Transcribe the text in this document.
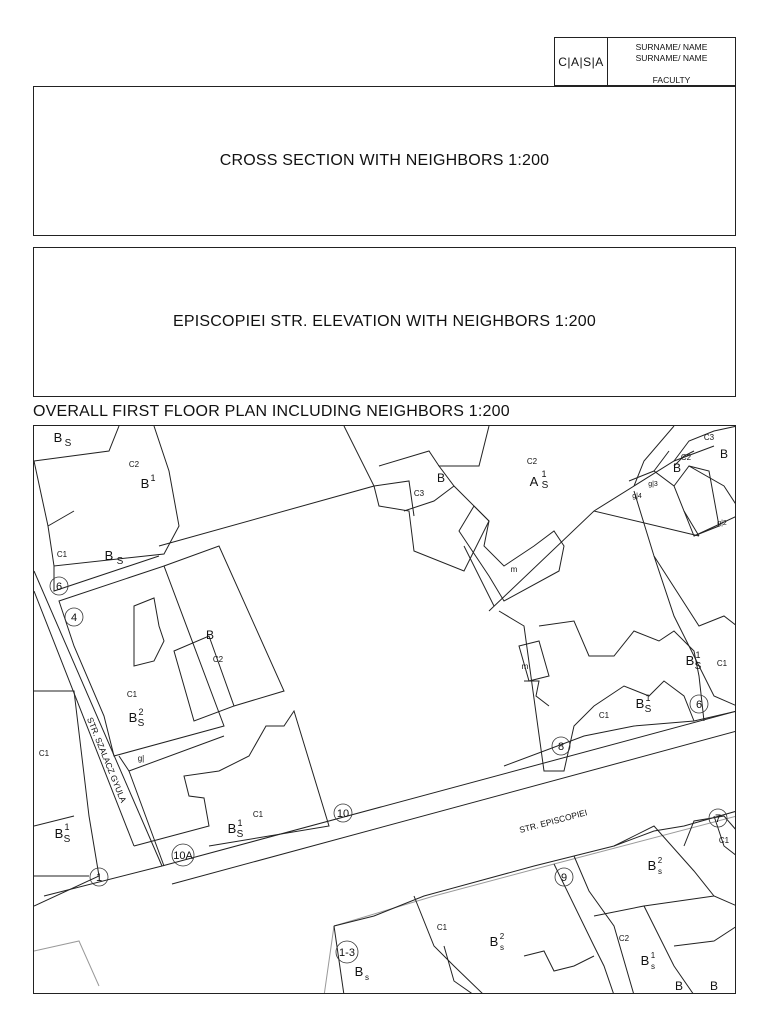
C|A|S|A
SURNAME/ NAME
SURNAME/ NAME
FACULTY
CROSS SECTION WITH NEIGHBORS 1:200
EPISCOPIEI STR. ELEVATION WITH NEIGHBORS 1:200
OVERALL FIRST FLOOR PLAN INCLUDING NEIGHBORS 1:200
6
4
10
10A
1
8
6
7
9
1-3
STR. EPISCOPIEI
STR. SZALACZ GYULA
B S
C2
B 1
C1	B S
B
C2
C1
B 2
S
g|
C1
B 1
S
C1
B 1
S
B
C3
C2
A 1
S
m
C3
C2
B
B
g|3
g|4
g|2
B 1
S C1
m
C1
B 1
S
C1
B 2
s
C1
B 2
s
C2
B 1
s
B s
B B
